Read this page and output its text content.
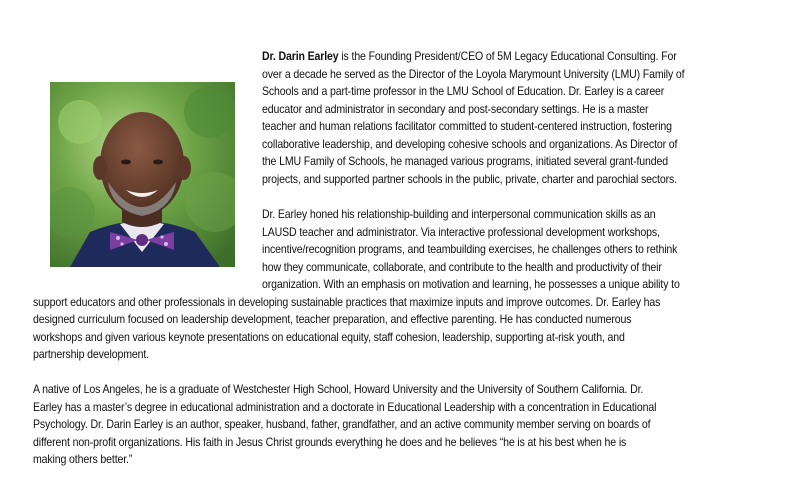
Dr. Darin Earley is the Founding President/CEO of 5M Legacy Educational Consulting. For
over a decade he served as the Director of the Loyola Marymount University (LMU) Family of
Schools and a part-time professor in the LMU School of Education. Dr. Earley is a career
educator and administrator in secondary and post-secondary settings. He is a master
teacher and human relations facilitator committed to student-centered instruction, fostering
collaborative leadership, and developing cohesive schools and organizations. As Director of
the LMU Family of Schools, he managed various programs, initiated several grant-funded
projects, and supported partner schools in the public, private, charter and parochial sectors.
Dr. Earley honed his relationship-building and interpersonal communication skills as an
LAUSD teacher and administrator. Via interactive professional development workshops,
incentive/recognition programs, and teambuilding exercises, he challenges others to rethink
how they communicate, collaborate, and contribute to the health and productivity of their
organization. With an emphasis on motivation and learning, he possesses a unique ability to
support educators and other professionals in developing sustainable practices that maximize inputs and improve outcomes. Dr. Earley has
designed curriculum focused on leadership development, teacher preparation, and effective parenting. He has conducted numerous
workshops and given various keynote presentations on educational equity, staff cohesion, leadership, supporting at-risk youth, and
partnership development.
A native of Los Angeles, he is a graduate of Westchester High School, Howard University and the University of Southern California. Dr.
Earley has a master’s degree in educational administration and a doctorate in Educational Leadership with a concentration in Educational
Psychology. Dr. Darin Earley is an author, speaker, husband, father, grandfather, and an active community member serving on boards of
different non-profit organizations. His faith in Jesus Christ grounds everything he does and he believes “he is at his best when he is
making others better.”
